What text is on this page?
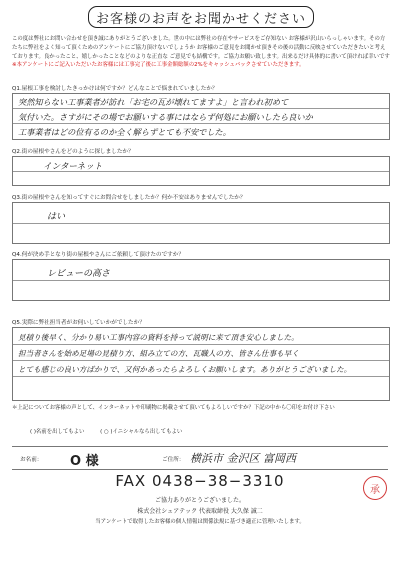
お客様のお声をお聞かせください
この度は弊社にお問い合わせを頂き誠にありがとうございました。世の中には弊社の存在やサービスをご存知ない お客様が沢山いらっしゃいます。その方たちに弊社をよく知って頂くためのアンケートにご協力頂けないでしょうか お客様のご意見をお聞かせ頂きその後の活動に反映させていただきたいと考えております。良かったこと、嬉しかったことなどのよりな正直な ご意見でも結構です。ご協力お願い致します。出来るだけ具体的に書いて頂ければ幸いです
※本アンケートにご記入いただいたお客様には工事完了後に工事金額総額の2%をキャッシュバックさせていただきます。
Q1.屋根工事を検討したきっかけは何ですか？どんなことで悩まれていましたか？
突然知らない工事業者が訪れ「お宅の瓦が壊れてますよ」と言われ初めて
気付いた。さすがにその場でお願いする事にはならず何処にお願いしたら良いか
工事業者はどの位有るのか全く解らずとても不安でした。
Q2.街の屋根やさんをどのように探しましたか？
インターネット
Q3.街の屋根やさんを知ってすぐにお問合せをしましたか？何か不安はありませんでしたか？
はい
Q4.何が決め手となり街の屋根やさんにご依頼して頂けたのですか？
レビューの高さ
Q5.実際に弊社担当者がお伺いしていかがでしたか？
見積り後早く、分かり易い工事内容の資料を持って説明に来て頂き安心しました。
担当者さんを始め足場の見積り方、組み立ての方、瓦職人の方、皆さん仕事も早く
とても感じの良い方ばかりで、又何かあったらよろしくお願いします。ありがとうございました。
＊上記についてお客様の声として、インターネットや印刷物に掲載させて頂いてもよろしいですか？下記の中から〇印をお付け下さい
( )名前を出してもよい	( ○ )イニシャルなら出してもよい
お名前： O 様	ご住所： 横浜市 金沢区 富岡西
FAX 0438−38−3310	承
ご協力ありがとうございました。
株式会社シェアテック 代表取締役 大久保 誠二
当アンケートで取得したお客様の個人情報は関係法規に基づき適正に管理いたします。
